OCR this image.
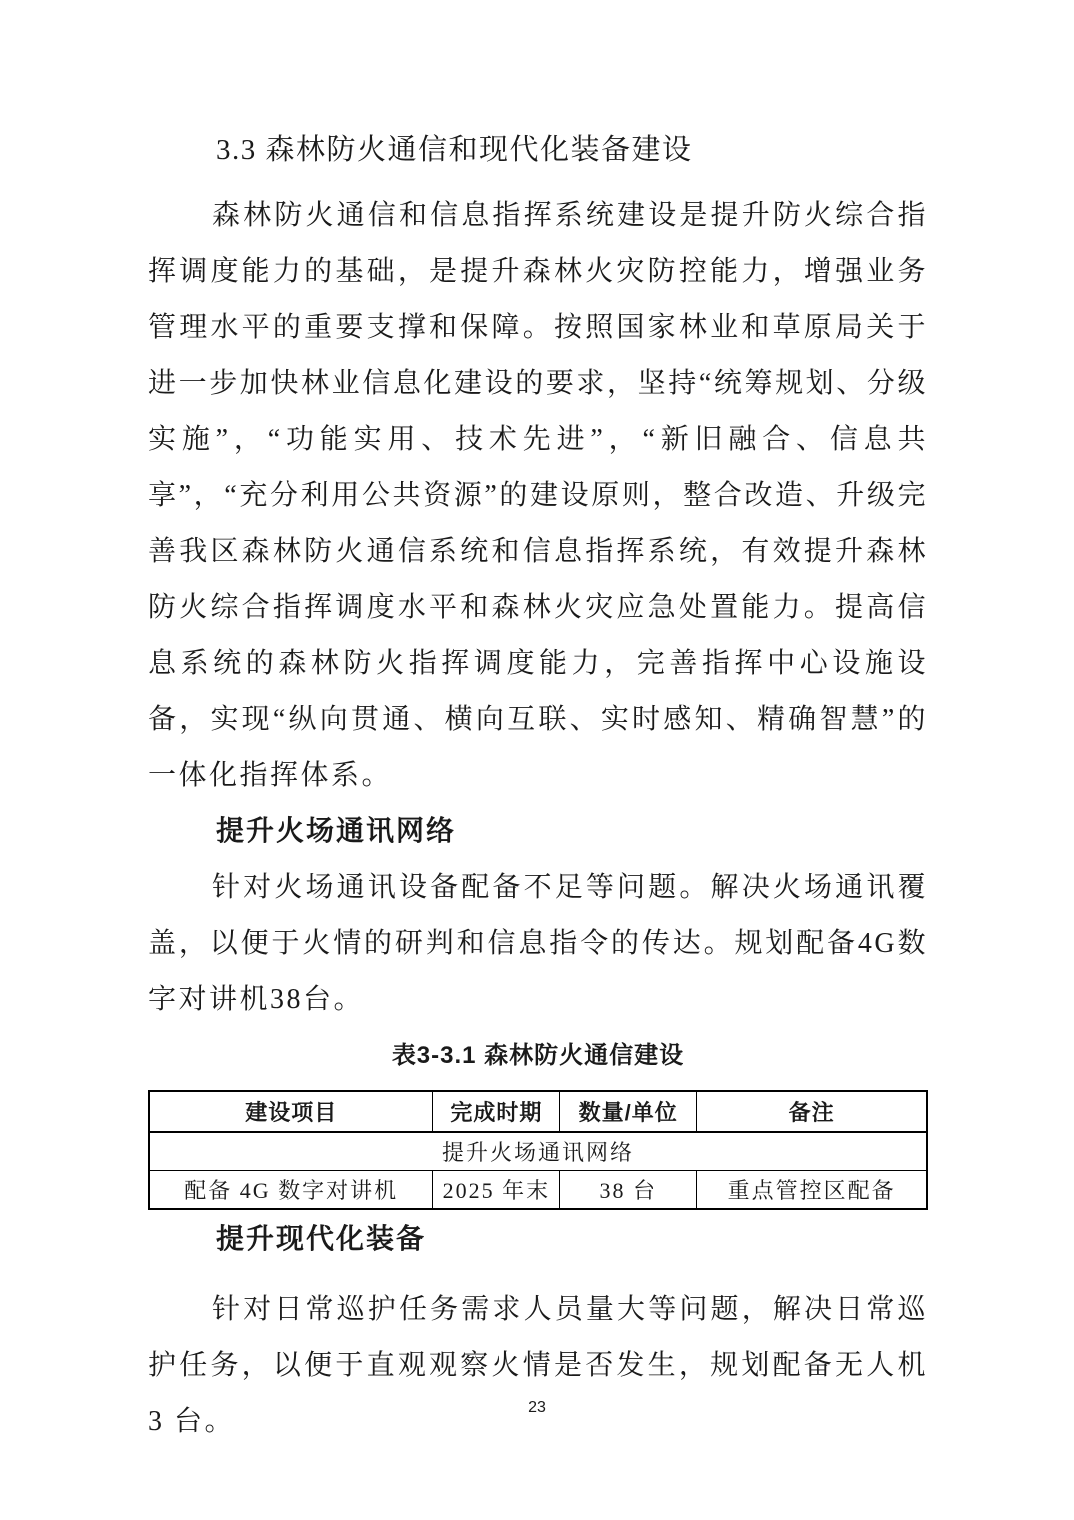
3.3 森林防火通信和现代化装备建设

森林防火通信和信息指挥系统建设是提升防火综合指挥调度能力的基础，是提升森林火灾防控能力，增强业务管理水平的重要支撑和保障。按照国家林业和草原局关于进一步加快林业信息化建设的要求，坚持“统筹规划、分级实施”，“功能实用、技术先进”，“新旧融合、信息共享”，“充分利用公共资源”的建设原则，整合改造、升级完善我区森林防火通信系统和信息指挥系统，有效提升森林防火综合指挥调度水平和森林火灾应急处置能力。提高信息系统的森林防火指挥调度能力，完善指挥中心设施设备，实现“纵向贯通、横向互联、实时感知、精确智慧”的一体化指挥体系。

提升火场通讯网络

针对火场通讯设备配备不足等问题。解决火场通讯覆盖，以便于火情的研判和信息指令的传达。规划配备4G数字对讲机38台。

表3-3.1 森林防火通信建设
建设项目	完成时期	数量/单位	备注
提升火场通讯网络			
配备 4G 数字对讲机	2025 年末	38 台	重点管控区配备
提升现代化装备

针对日常巡护任务需求人员量大等问题，解决日常巡护任务，以便于直观观察火情是否发生，规划配备无人机 3 台。	23
